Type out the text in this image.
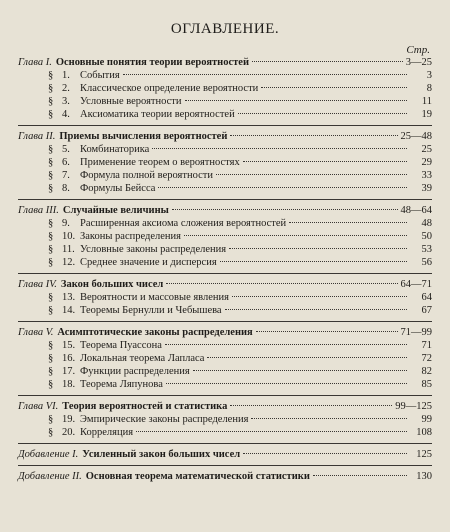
ОГЛАВЛЕНИЕ.
Стр.
Глава I. Основные понятия теории вероятностей	3—25
§ 1. События	3
§ 2. Классическое определение вероятности	8
§ 3. Условные вероятности	11
§ 4. Аксиоматика теории вероятностей	19
Глава II. Приемы вычисления вероятностей	25—48
§ 5. Комбинаторика	25
§ 6. Применение теорем о вероятностях	29
§ 7. Формула полной вероятности	33
§ 8. Формулы Бейсса	39
Глава III. Случайные величины	48—64
§ 9. Расширенная аксиома сложения вероятностей	48
§ 10. Законы распределения	50
§ 11. Условные законы распределения	53
§ 12. Среднее значение и дисперсия	56
Глава IV. Закон больших чисел	64—71
§ 13. Вероятности и массовые явления	64
§ 14. Теоремы Бернулли и Чебышева	67
Глава V. Асимптотические законы распределения	71—99
§ 15. Теорема Пуассона	71
§ 16. Локальная теорема Лапласа	72
§ 17. Функции распределения	82
§ 18. Теорема Ляпунова	85
Глава VI. Теория вероятностей и статистика	99—125
§ 19. Эмпирические законы распределения	99
§ 20. Корреляция	108
Добавление I. Усиленный закон больших чисел	125
Добавление II. Основная теорема математической статистики	130
